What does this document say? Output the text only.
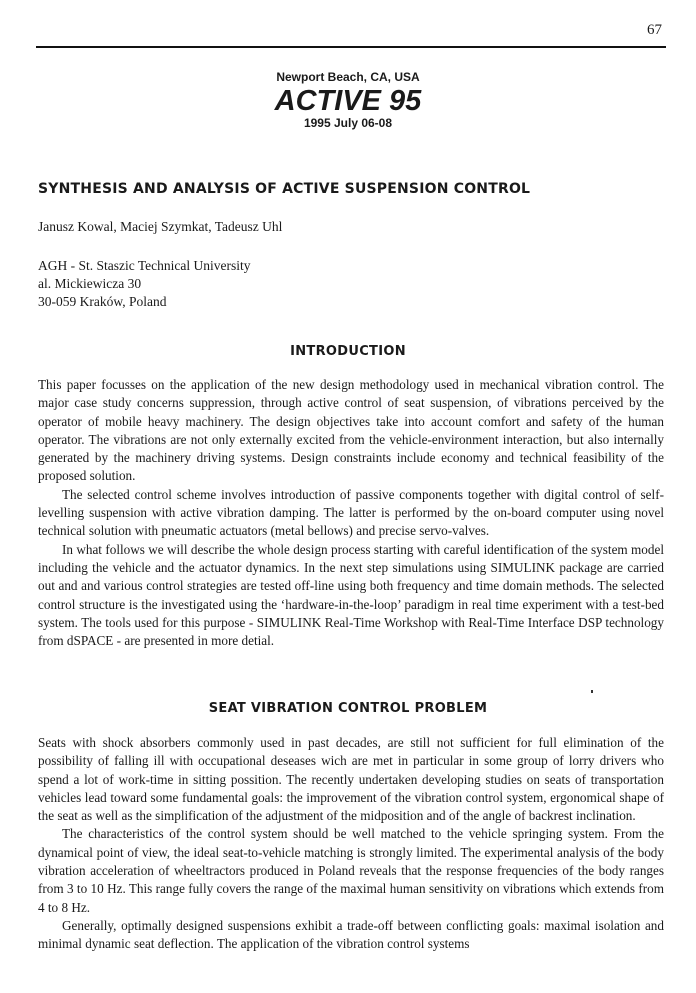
67
Newport Beach, CA, USA
ACTIVE 95
1995 July 06-08
SYNTHESIS AND ANALYSIS OF ACTIVE SUSPENSION CONTROL
Janusz Kowal, Maciej Szymkat, Tadeusz Uhl
AGH - St. Staszic Technical University
al. Mickiewicza 30
30-059 Kraków, Poland
INTRODUCTION

This paper focusses on the application of the new design methodology used in mechanical vibration control. The major case study concerns suppression, through active control of seat suspension, of vibrations perceived by the operator of mobile heavy machinery. The design objectives take into account comfort and safety of the human operator. The vibrations are not only externally excited from the vehicle-environment interaction, but also internally generated by the machinery driving systems. Design constraints include economy and technical feasibility of the proposed solution.

The selected control scheme involves introduction of passive components together with digital control of self-levelling suspension with active vibration damping. The latter is performed by the on-board computer using novel technical solution with pneumatic actuators (metal bellows) and precise servo-valves.

In what follows we will describe the whole design process starting with careful identification of the system model including the vehicle and the actuator dynamics. In the next step simulations using SIMULINK package are carried out and and various control strategies are tested off-line using both frequency and time domain methods. The selected control structure is the investigated using the ‘hardware-in-the-loop’ paradigm in real time experiment with a test-bed system. The tools used for this purpose - SIMULINK Real-Time Workshop with Real-Time Interface DSP technology from dSPACE - are presented in more detial.

SEAT VIBRATION CONTROL PROBLEM

Seats with shock absorbers commonly used in past decades, are still not sufficient for full elimination of the possibility of falling ill with occupational deseases wich are met in particular in some group of lorry drivers who spend a lot of work-time in sitting possition. The recently undertaken developing studies on seats of transportation vehicles lead toward some fundamental goals: the improvement of the vibration control system, ergonomical shape of the seat as well as the simplification of the adjustment of the midposition and of the angle of backrest inclination.

The characteristics of the control system should be well matched to the vehicle springing system. From the dynamical point of view, the ideal seat-to-vehicle matching is strongly limited. The experimental analysis of the body vibration acceleration of wheeltractors produced in Poland reveals that the response frequencies of the body ranges from 3 to 10 Hz. This range fully covers the range of the maximal human sensitivity on vibrations which extends from 4 to 8 Hz.

Generally, optimally designed suspensions exhibit a trade-off between conflicting goals: maximal isolation and minimal dynamic seat deflection. The application of the vibration control systems
